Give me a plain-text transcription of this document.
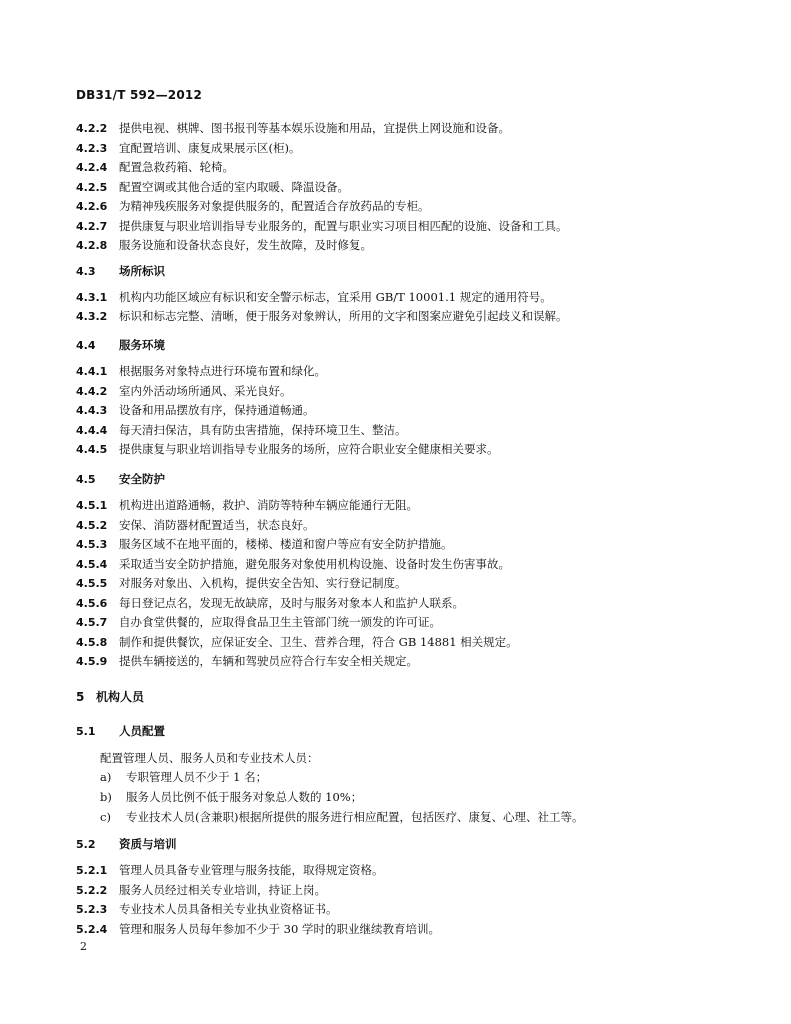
DB31/T 592—2012
4.2.2 提供电视、棋牌、图书报刊等基本娱乐设施和用品，宜提供上网设施和设备。
4.2.3 宜配置培训、康复成果展示区(柜)。
4.2.4 配置急救药箱、轮椅。
4.2.5 配置空调或其他合适的室内取暖、降温设备。
4.2.6 为精神残疾服务对象提供服务的，配置适合存放药品的专柜。
4.2.7 提供康复与职业培训指导专业服务的，配置与职业实习项目相匹配的设施、设备和工具。
4.2.8 服务设施和设备状态良好，发生故障，及时修复。
4.3 场所标识
4.3.1 机构内功能区域应有标识和安全警示标志，宜采用 GB/T 10001.1 规定的通用符号。
4.3.2 标识和标志完整、清晰，便于服务对象辨认，所用的文字和图案应避免引起歧义和误解。
4.4 服务环境
4.4.1 根据服务对象特点进行环境布置和绿化。
4.4.2 室内外活动场所通风、采光良好。
4.4.3 设备和用品摆放有序，保持通道畅通。
4.4.4 每天清扫保洁，具有防虫害措施，保持环境卫生、整洁。
4.4.5 提供康复与职业培训指导专业服务的场所，应符合职业安全健康相关要求。
4.5 安全防护
4.5.1 机构进出道路通畅，救护、消防等特种车辆应能通行无阻。
4.5.2 安保、消防器材配置适当，状态良好。
4.5.3 服务区域不在地平面的，楼梯、楼道和窗户等应有安全防护措施。
4.5.4 采取适当安全防护措施，避免服务对象使用机构设施、设备时发生伤害事故。
4.5.5 对服务对象出、入机构，提供安全告知、实行登记制度。
4.5.6 每日登记点名，发现无故缺席，及时与服务对象本人和监护人联系。
4.5.7 自办食堂供餐的，应取得食品卫生主管部门统一颁发的许可证。
4.5.8 制作和提供餐饮，应保证安全、卫生、营养合理，符合 GB 14881 相关规定。
4.5.9 提供车辆接送的，车辆和驾驶员应符合行车安全相关规定。
5 机构人员
5.1 人员配置
配置管理人员、服务人员和专业技术人员：
a) 专职管理人员不少于 1 名；
b) 服务人员比例不低于服务对象总人数的 10%；
c) 专业技术人员(含兼职)根据所提供的服务进行相应配置，包括医疗、康复、心理、社工等。
5.2 资质与培训
5.2.1 管理人员具备专业管理与服务技能，取得规定资格。
5.2.2 服务人员经过相关专业培训，持证上岗。
5.2.3 专业技术人员具备相关专业执业资格证书。
5.2.4 管理和服务人员每年参加不少于 30 学时的职业继续教育培训。
2
